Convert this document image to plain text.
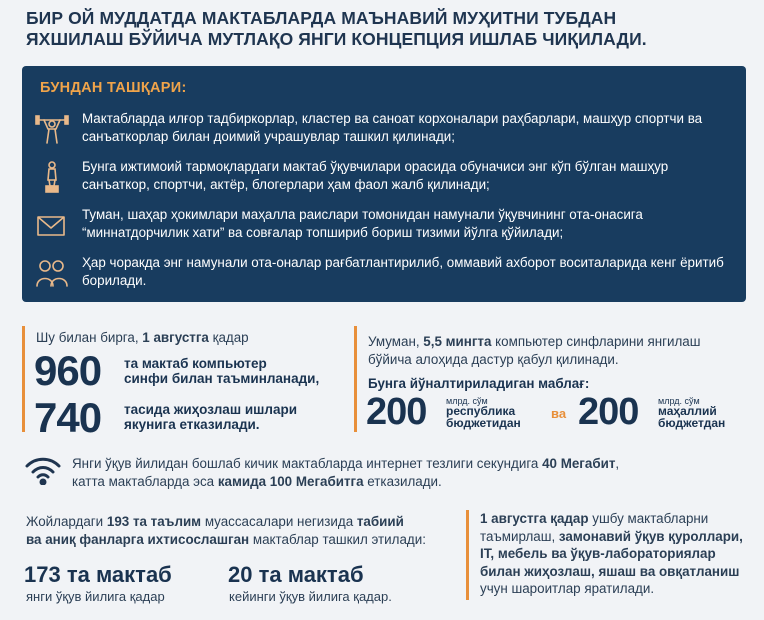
БИР ОЙ МУДДАТДА МАКТАБЛАРДА МАЪНАВИЙ МУҲИТНИ ТУБДАН
ЯХШИЛАШ БЎЙИЧА МУТЛАҚО ЯНГИ КОНЦЕПЦИЯ ИШЛАБ ЧИҚИЛАДИ.
БУНДАН ТАШҚАРИ:
Мактабларда илғор тадбиркорлар, кластер ва саноат корхоналари раҳбарлари, машҳур спортчи ва санъаткорлар билан доимий учрашувлар ташкил қилинади;
Бунга ижтимоий тармоқлардаги мактаб ўқувчилари орасида обуначиси энг кўп бўлган машҳур санъаткор, спортчи, актёр, блогерлари ҳам фаол жалб қилинади;
Туман, шаҳар ҳокимлари маҳалла раислари томонидан намунали ўқувчининг ота-онасига “миннатдорчилик хати” ва совғалар топшириб бориш тизими йўлга қўйилади;
Ҳар чоракда энг намунали ота-оналар рағбатлантирилиб, оммавий ахборот воситаларида кенг ёритиб борилади.
Шу билан бирга, 1 августга қадар
960 та мактаб компьютер
синфи билан таъминланади,
740 тасида жиҳозлаш ишлари
якунига етказилади.
Умуман, 5,5 мингта компьютер синфларини янгилаш
бўйича алоҳида дастур қабул қилинади.
Бунга йўналтириладиган маблағ:
200 млрд. сўм
республика
бюджетидан
ва 200 млрд. сўм
маҳаллий
бюджетдан
Янги ўқув йилидан бошлаб кичик мактабларда интернет тезлиги секундига 40 Мегабит,
катта мактабларда эса камида 100 Мегабитга етказилади.
Жойлардаги 193 та таълим муассасалари негизида табиий
ва аниқ фанларга ихтисослашган мактаблар ташкил этилади:
173 та мактаб
янги ўқув йилига қадар
20 та мактаб
кейинги ўқув йилига қадар.
1 августга қадар ушбу мактабларни
таъмирлаш, замонавий ўқув қуроллари,
IT, мебель ва ўқув-лабораториялар
билан жиҳозлаш, яшаш ва овқатланиш
учун шароитлар яратилади.
